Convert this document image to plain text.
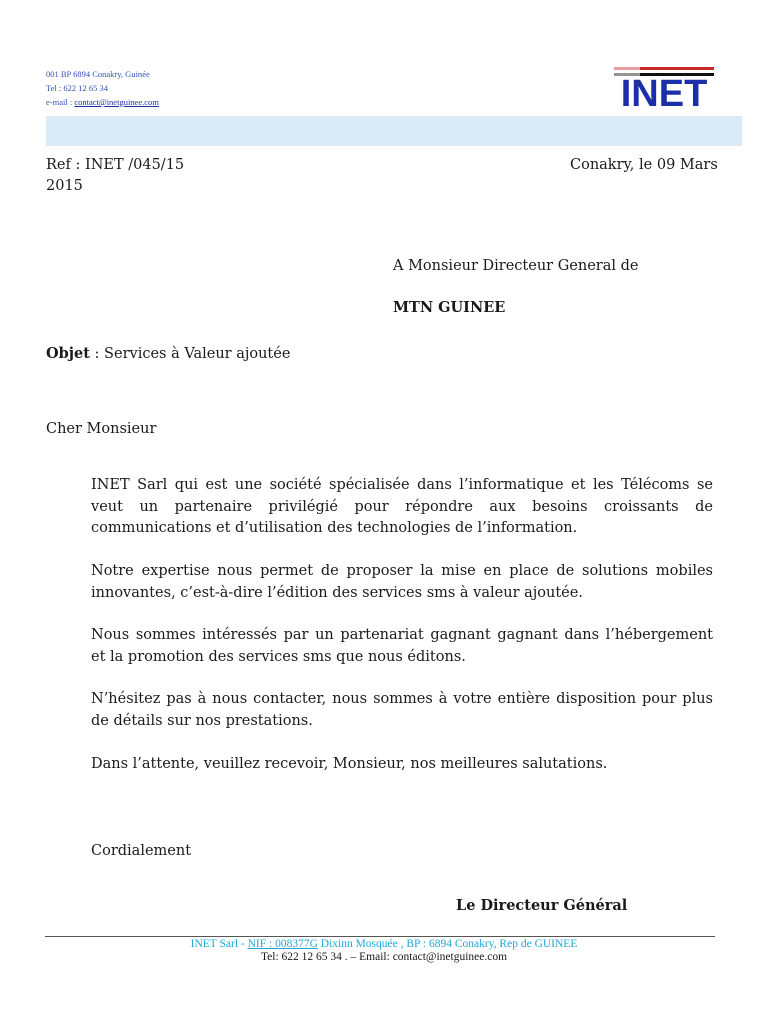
001 BP 6894 Conakry, Guinée
Tel : 622 12 65 34
e-mail : contact@inetguinee.com	INET
Ref : INET /045/15	Conakry, le 09 Mars
2015
A Monsieur Directeur General de
MTN GUINEE
Objet : Services à Valeur ajoutée
Cher Monsieur
INET Sarl qui est une société spécialisée dans l’informatique et les Télécoms se veut un partenaire privilégié pour répondre aux besoins croissants de communications et d’utilisation des technologies de l’information.
Notre expertise nous permet de proposer la mise en place de solutions mobiles innovantes, c’est-à-dire l’édition des services sms à valeur ajoutée.
Nous sommes intéressés par un partenariat gagnant gagnant dans l’hébergement et la promotion des services sms que nous éditons.
N’hésitez pas à nous contacter, nous sommes à votre entière disposition pour plus de détails sur nos prestations.
Dans l’attente, veuillez recevoir, Monsieur, nos meilleures salutations.
Cordialement
Le Directeur Général
INET Sarl - NIF : 008377G Dixinn Mosquée , BP : 6894 Conakry, Rep de GUINEE
Tel: 622 12 65 34 . – Email: contact@inetguinee.com
